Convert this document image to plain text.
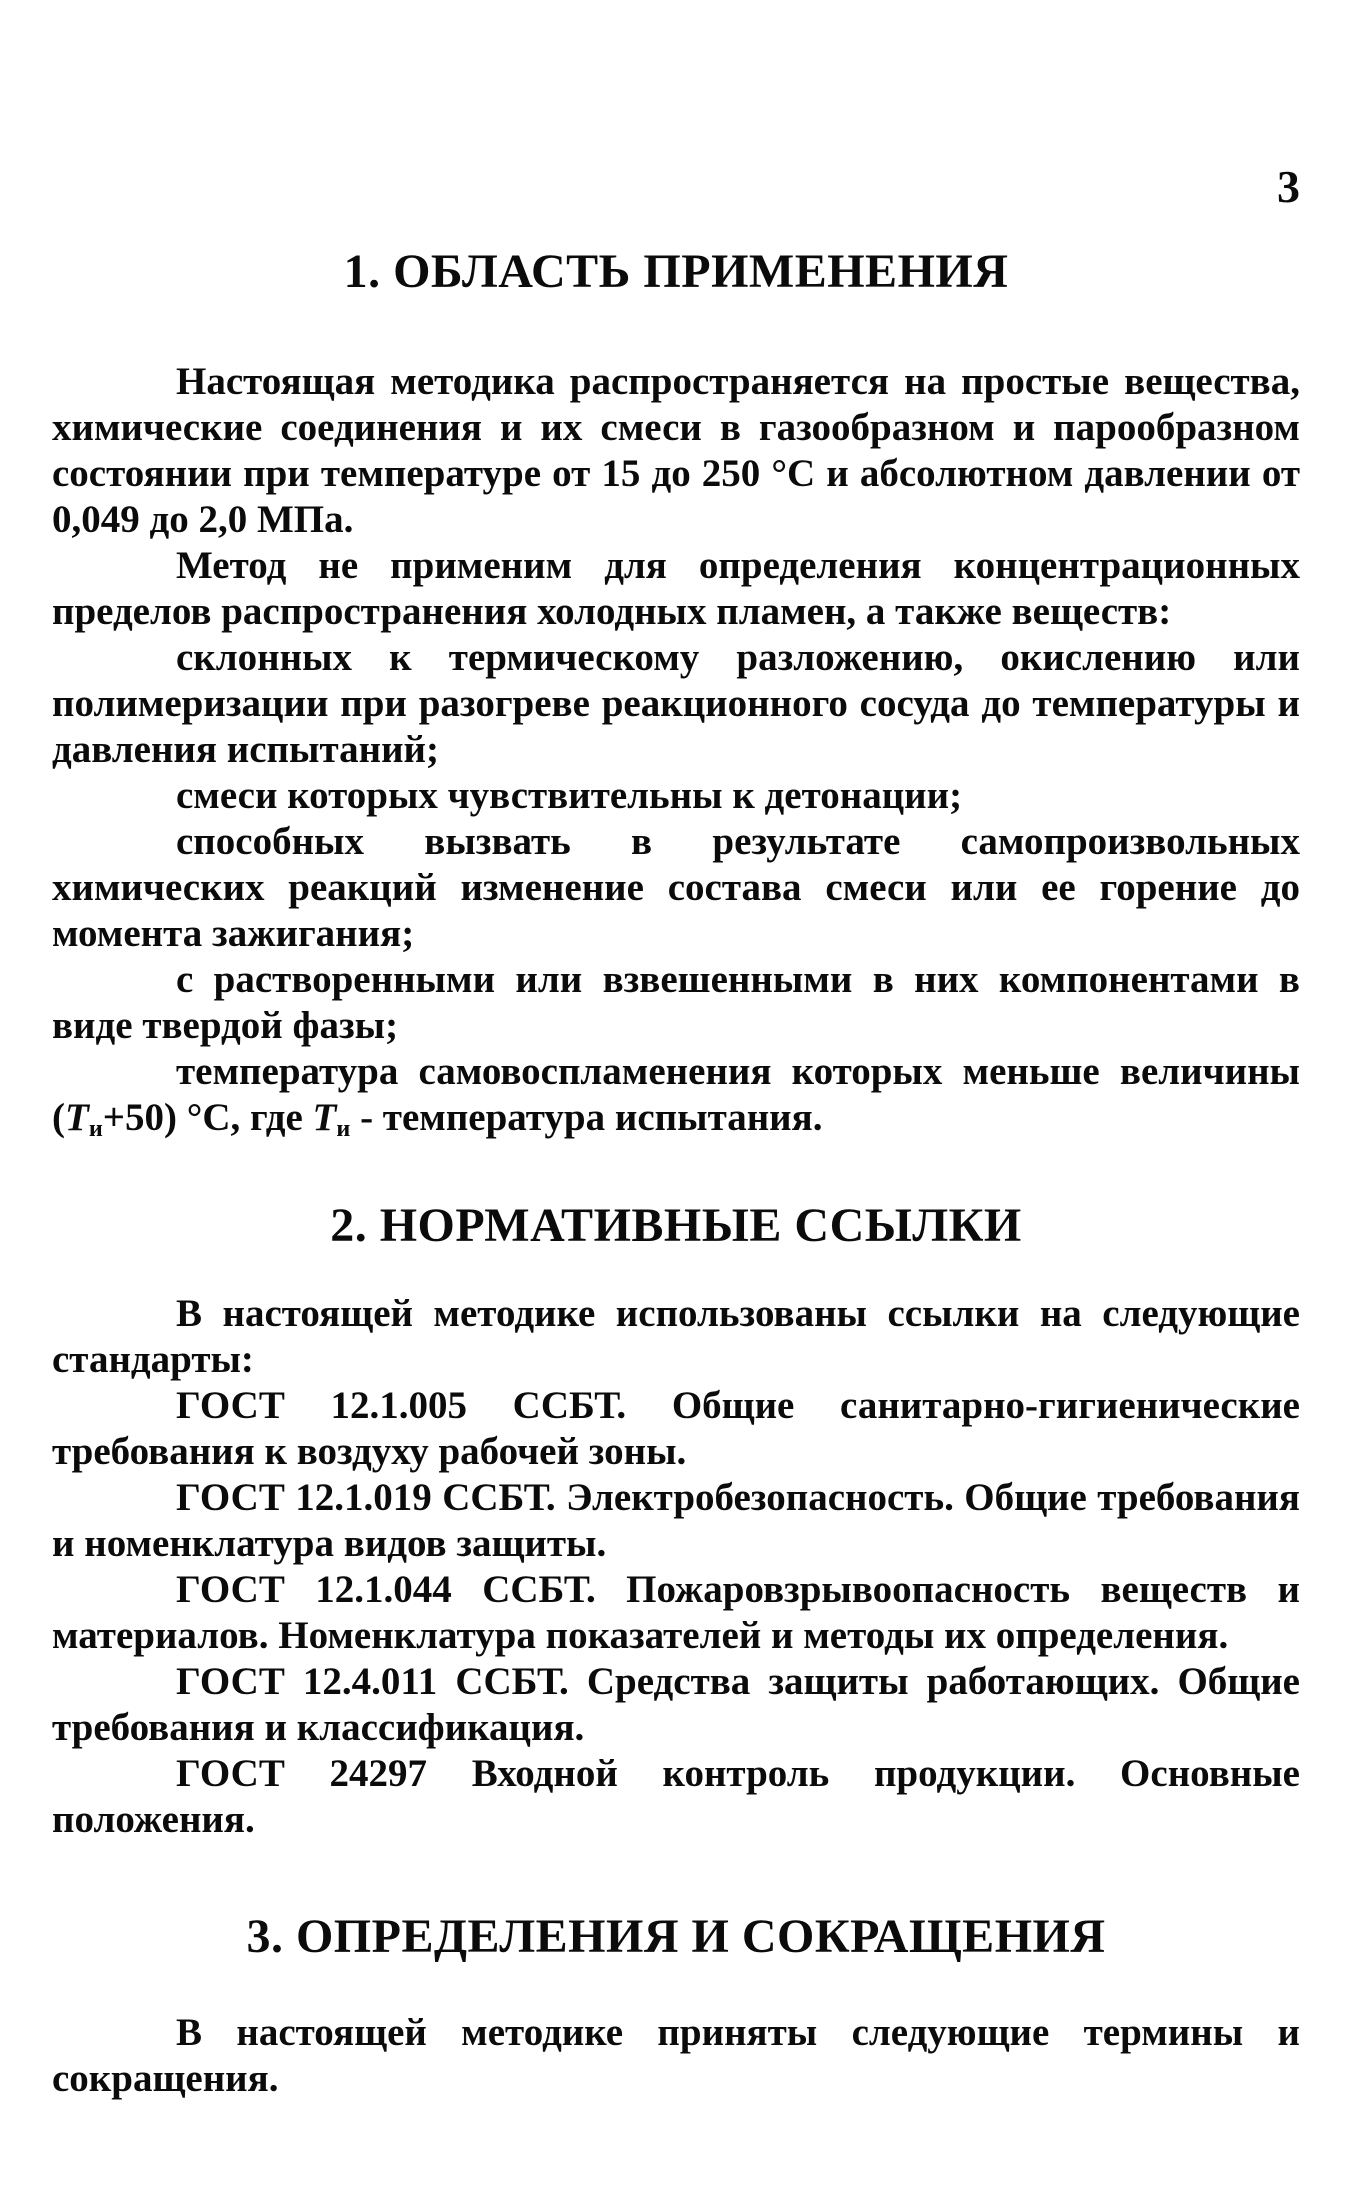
3

1. ОБЛАСТЬ ПРИМЕНЕНИЯ

Настоящая методика распространяется на простые вещества, химические соединения и их смеси в газообразном и парообразном состоянии при температуре от 15 до 250 °С и абсолютном давлении от 0,049 до 2,0 МПа.

Метод не применим для определения концентрационных пределов распространения холодных пламен, а также веществ:

склонных к термическому разложению, окислению или полимеризации при разогреве реакционного сосуда до температуры и давления испытаний;

смеси которых чувствительны к детонации;

способных вызвать в результате самопроизвольных химических реакций изменение состава смеси или ее горение до момента зажигания;

с растворенными или взвешенными в них компонентами в виде твердой фазы;

температура самовоспламенения которых меньше величины $(T_и+50)$ °С, где $T_и$ - температура испытания.

2. НОРМАТИВНЫЕ ССЫЛКИ

В настоящей методике использованы ссылки на следующие стандарты:

ГОСТ 12.1.005 ССБТ. Общие санитарно-гигиенические требования к воздуху рабочей зоны.

ГОСТ 12.1.019 ССБТ. Электробезопасность. Общие требования и номенклатура видов защиты.

ГОСТ 12.1.044 ССБТ. Пожаровзрывоопасность веществ и материалов. Номенклатура показателей и методы их определения.

ГОСТ 12.4.011 ССБТ. Средства защиты работающих. Общие требования и классификация.

ГОСТ 24297 Входной контроль продукции. Основные положения.

3. ОПРЕДЕЛЕНИЯ И СОКРАЩЕНИЯ

В настоящей методике приняты следующие термины и сокращения.
